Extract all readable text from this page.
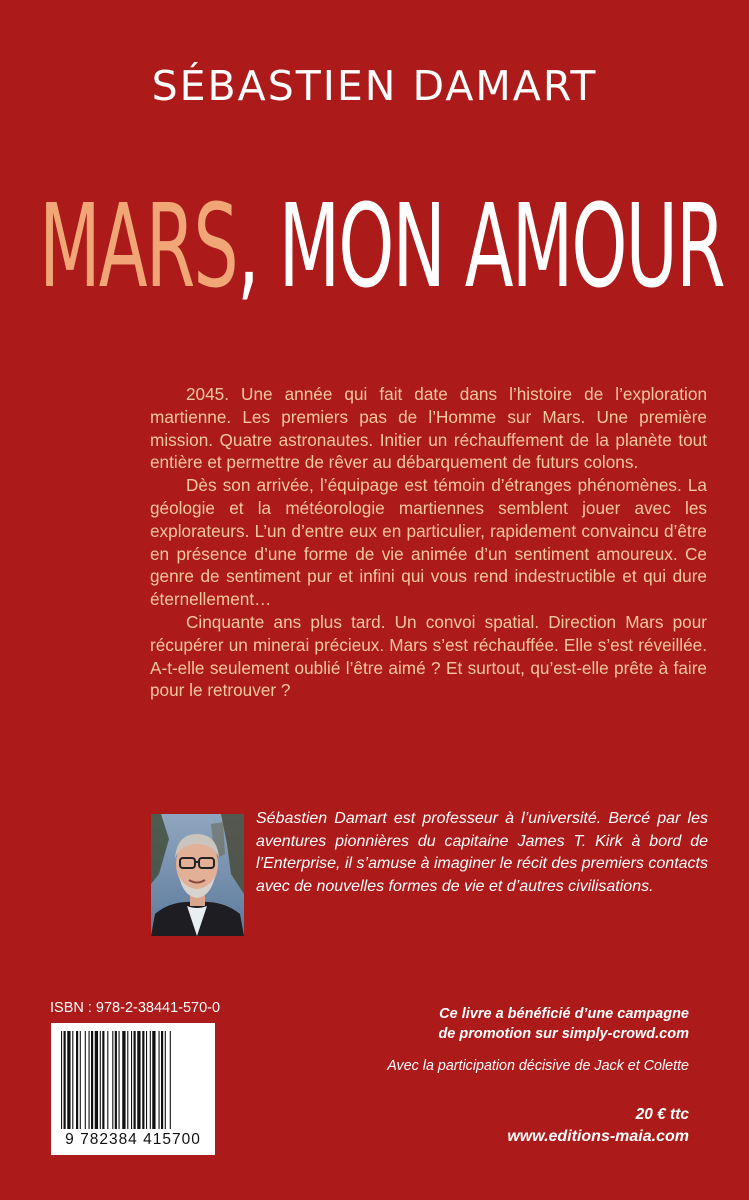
SÉBASTIEN DAMART
MARS, MON AMOUR

2045. Une année qui fait date dans l’histoire de l’exploration martienne. Les premiers pas de l’Homme sur Mars. Une première mission. Quatre astronautes. Initier un réchauffement de la planète tout entière et permettre de rêver au débarquement de futurs colons.

Dès son arrivée, l’équipage est témoin d’étranges phénomènes. La géologie et la météorologie martiennes semblent jouer avec les explorateurs. L’un d’entre eux en particulier, rapidement convaincu d’être en présence d’une forme de vie animée d’un sentiment amoureux. Ce genre de sentiment pur et infini qui vous rend indestructible et qui dure éternellement…

Cinquante ans plus tard. Un convoi spatial. Direction Mars pour récupérer un minerai précieux. Mars s’est réchauffée. Elle s’est réveillée. A-t-elle seulement oublié l’être aimé ? Et surtout, qu’est-elle prête à faire pour le retrouver ?

Sébastien Damart est professeur à l’université. Bercé par les aventures pionnières du capitaine James T. Kirk à bord de l’Enterprise, il s’amuse à imaginer le récit des premiers contacts avec de nouvelles formes de vie et d’autres civilisations.

ISBN : 978-2-38441-570-0
9 782384 415700
Ce livre a bénéficié d’une campagne
de promotion sur simply-crowd.com
Avec la participation décisive de Jack et Colette
20 € ttc
www.editions-maia.com
